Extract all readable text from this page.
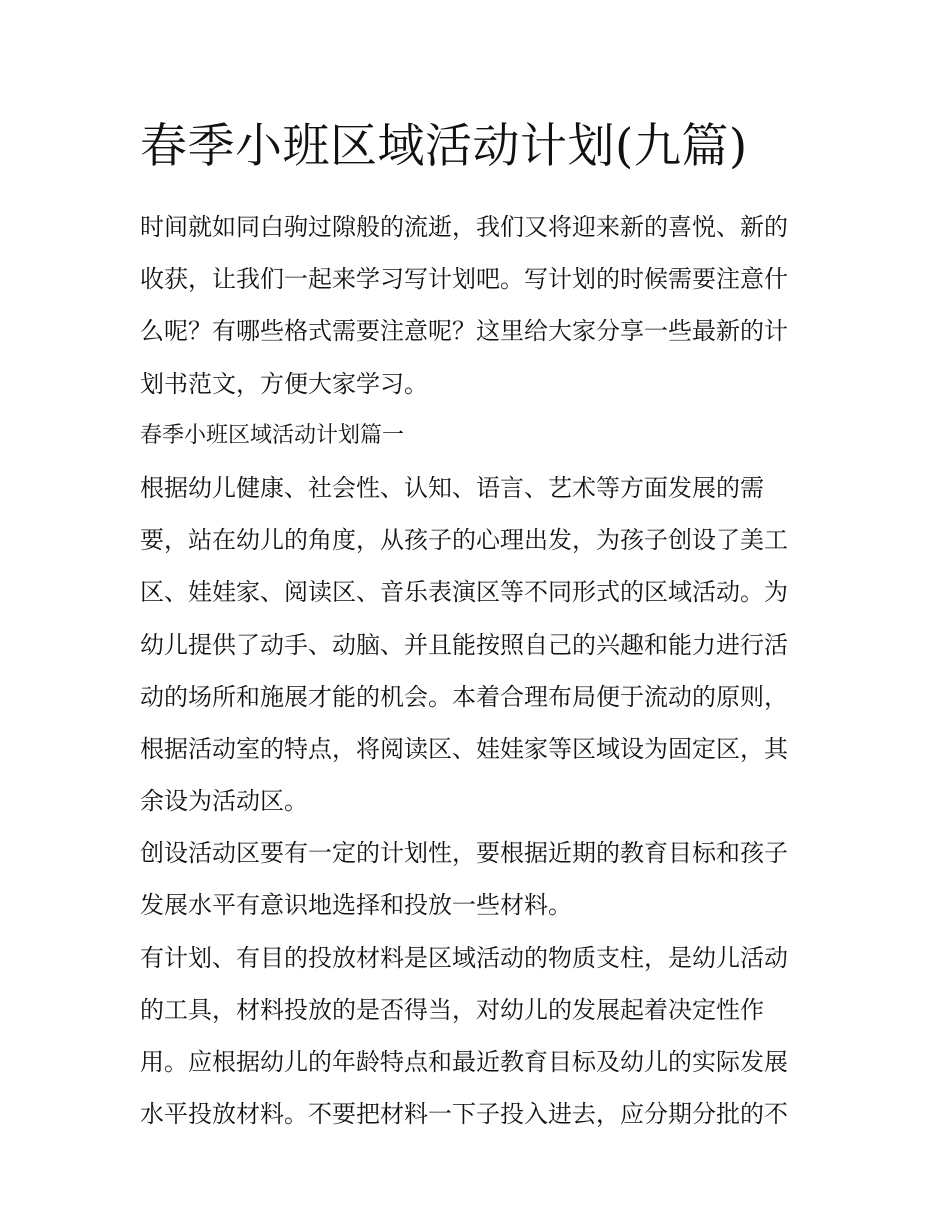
春季小班区域活动计划(九篇)
时间就如同白驹过隙般的流逝，我们又将迎来新的喜悦、新的
收获，让我们一起来学习写计划吧。写计划的时候需要注意什
么呢？有哪些格式需要注意呢？这里给大家分享一些最新的计
划书范文，方便大家学习。
春季小班区域活动计划篇一
根据幼儿健康、社会性、认知、语言、艺术等方面发展的需
要，站在幼儿的角度，从孩子的心理出发，为孩子创设了美工
区、娃娃家、阅读区、音乐表演区等不同形式的区域活动。为
幼儿提供了动手、动脑、并且能按照自己的兴趣和能力进行活
动的场所和施展才能的机会。本着合理布局便于流动的原则，
根据活动室的特点，将阅读区、娃娃家等区域设为固定区，其
余设为活动区。
创设活动区要有一定的计划性，要根据近期的教育目标和孩子
发展水平有意识地选择和投放一些材料。
有计划、有目的投放材料是区域活动的物质支柱，是幼儿活动
的工具，材料投放的是否得当，对幼儿的发展起着决定性作
用。应根据幼儿的年龄特点和最近教育目标及幼儿的实际发展
水平投放材料。不要把材料一下子投入进去，应分期分批的不
